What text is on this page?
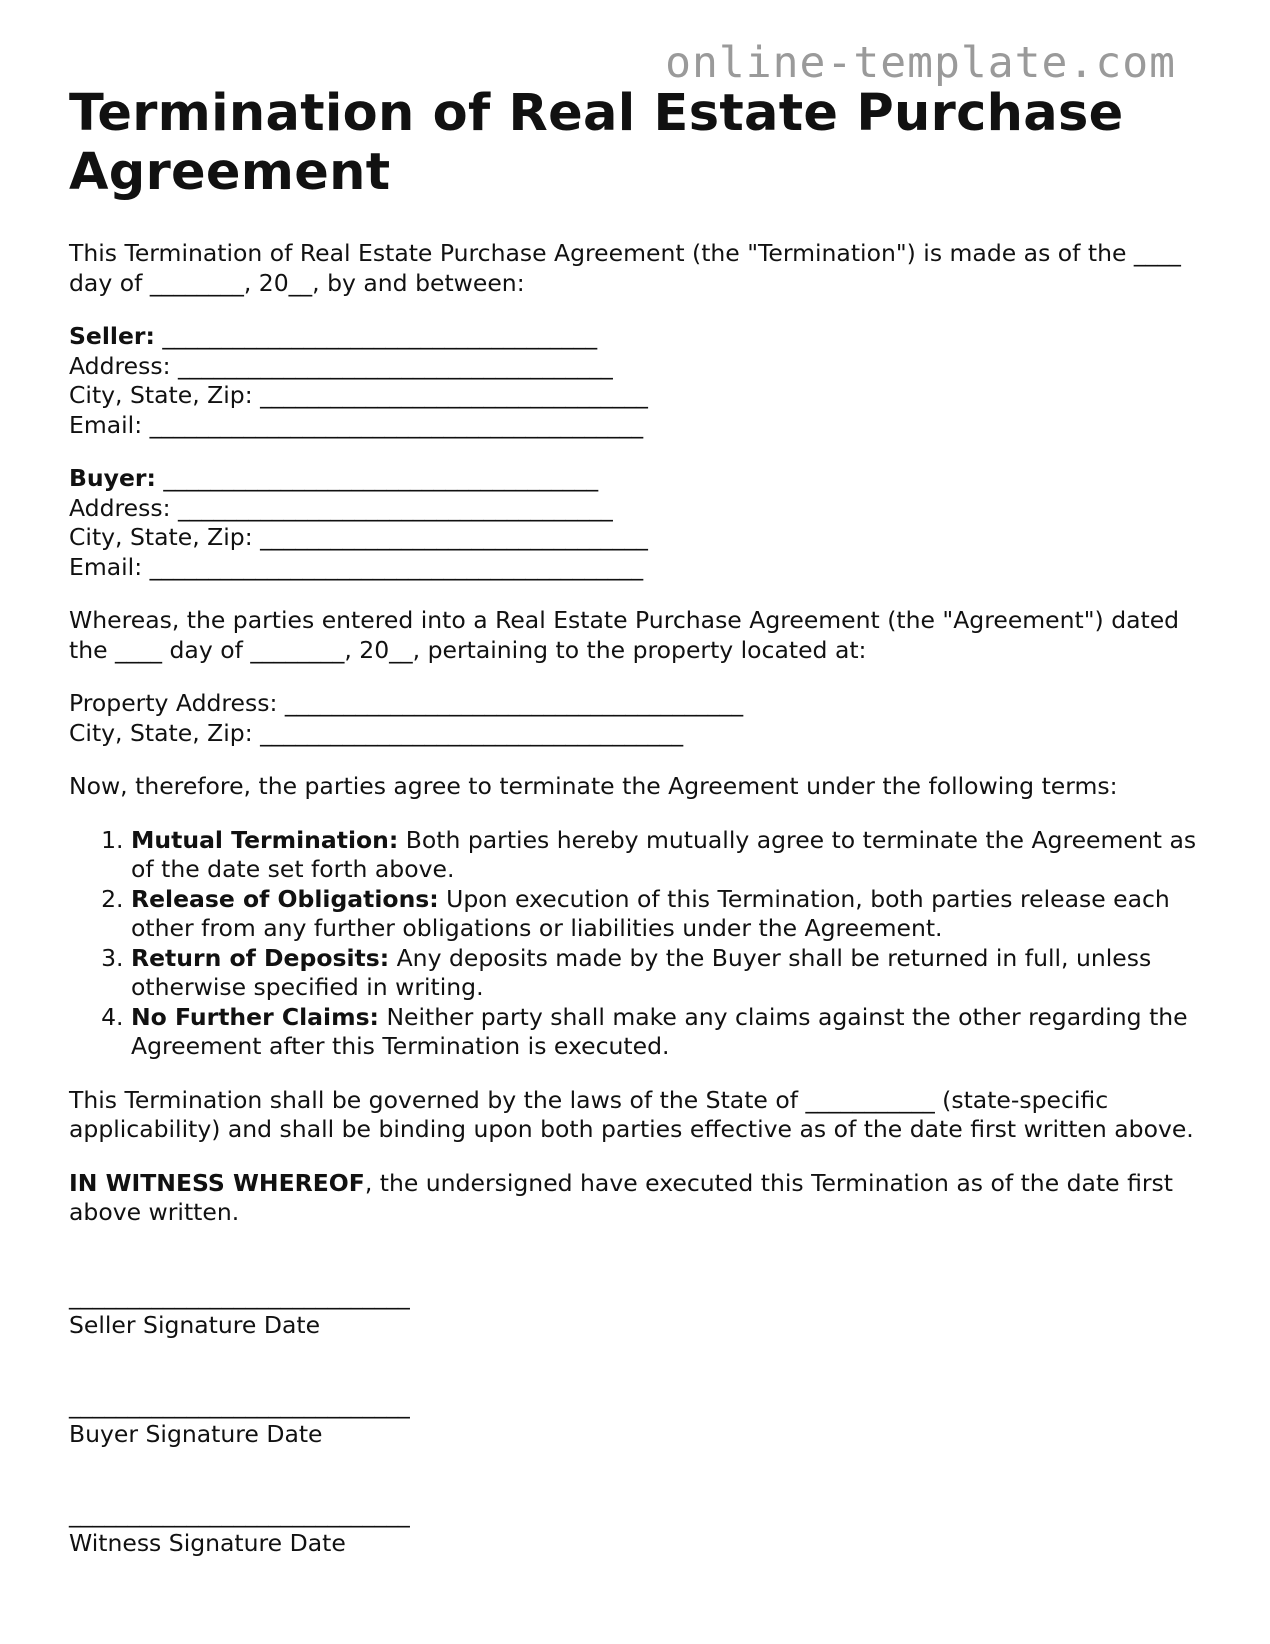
online-template.com
Termination of Real Estate Purchase Agreement

This Termination of Real Estate Purchase Agreement (the "Termination") is made as of the ____ day of ________, 20__, by and between:

Seller: _____________________________________
Address: _____________________________________
City, State, Zip: _________________________________
Email: __________________________________________
Buyer: _____________________________________
Address: _____________________________________
City, State, Zip: _________________________________
Email: __________________________________________

Whereas, the parties entered into a Real Estate Purchase Agreement (the "Agreement") dated the ____ day of ________, 20__, pertaining to the property located at:

Property Address: _______________________________________
City, State, Zip: ____________________________________

Now, therefore, the parties agree to terminate the Agreement under the following terms:

1. Mutual Termination: Both parties hereby mutually agree to terminate the Agreement as of the date set forth above.
2. Release of Obligations: Upon execution of this Termination, both parties release each other from any further obligations or liabilities under the Agreement.
3. Return of Deposits: Any deposits made by the Buyer shall be returned in full, unless otherwise specified in writing.
4. No Further Claims: Neither party shall make any claims against the other regarding the Agreement after this Termination is executed.

This Termination shall be governed by the laws of the State of ___________ (state-specific applicability) and shall be binding upon both parties effective as of the date first written above.

IN WITNESS WHEREOF, the undersigned have executed this Termination as of the date first above written.

_____________________________
Seller Signature Date
_____________________________
Buyer Signature Date
_____________________________
Witness Signature Date
